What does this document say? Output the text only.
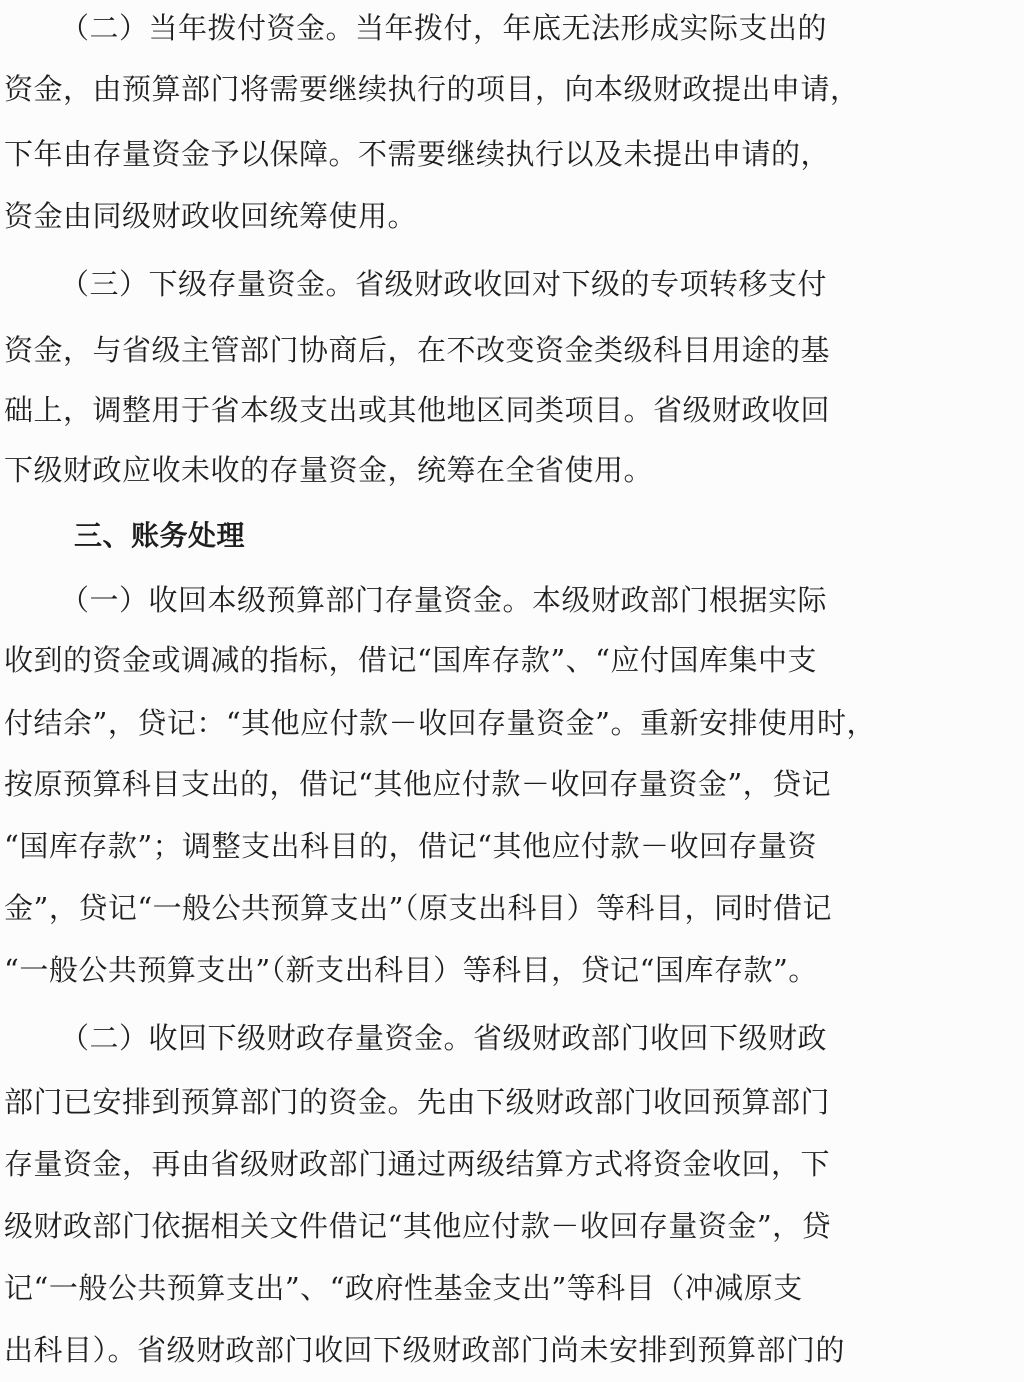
（二）当年拨付资金。当年拨付，年底无法形成实际支出的
资金，由预算部门将需要继续执行的项目，向本级财政提出申请，
下年由存量资金予以保障。不需要继续执行以及未提出申请的，
资金由同级财政收回统筹使用。
（三）下级存量资金。省级财政收回对下级的专项转移支付
资金，与省级主管部门协商后，在不改变资金类级科目用途的基
础上，调整用于省本级支出或其他地区同类项目。省级财政收回
下级财政应收未收的存量资金，统筹在全省使用。
三、账务处理
（一）收回本级预算部门存量资金。本级财政部门根据实际
收到的资金或调减的指标，借记“国库存款”、“应付国库集中支
付结余”，贷记：“其他应付款－收回存量资金”。重新安排使用时，
按原预算科目支出的，借记“其他应付款－收回存量资金”，贷记
“国库存款”；调整支出科目的，借记“其他应付款－收回存量资
金”，贷记“一般公共预算支出”（原支出科目）等科目，同时借记
“一般公共预算支出”（新支出科目）等科目，贷记“国库存款”。
（二）收回下级财政存量资金。省级财政部门收回下级财政
部门已安排到预算部门的资金。先由下级财政部门收回预算部门
存量资金，再由省级财政部门通过两级结算方式将资金收回，下
级财政部门依据相关文件借记“其他应付款－收回存量资金”，贷
记“一般公共预算支出”、“政府性基金支出”等科目（冲减原支
出科目）。省级财政部门收回下级财政部门尚未安排到预算部门的
